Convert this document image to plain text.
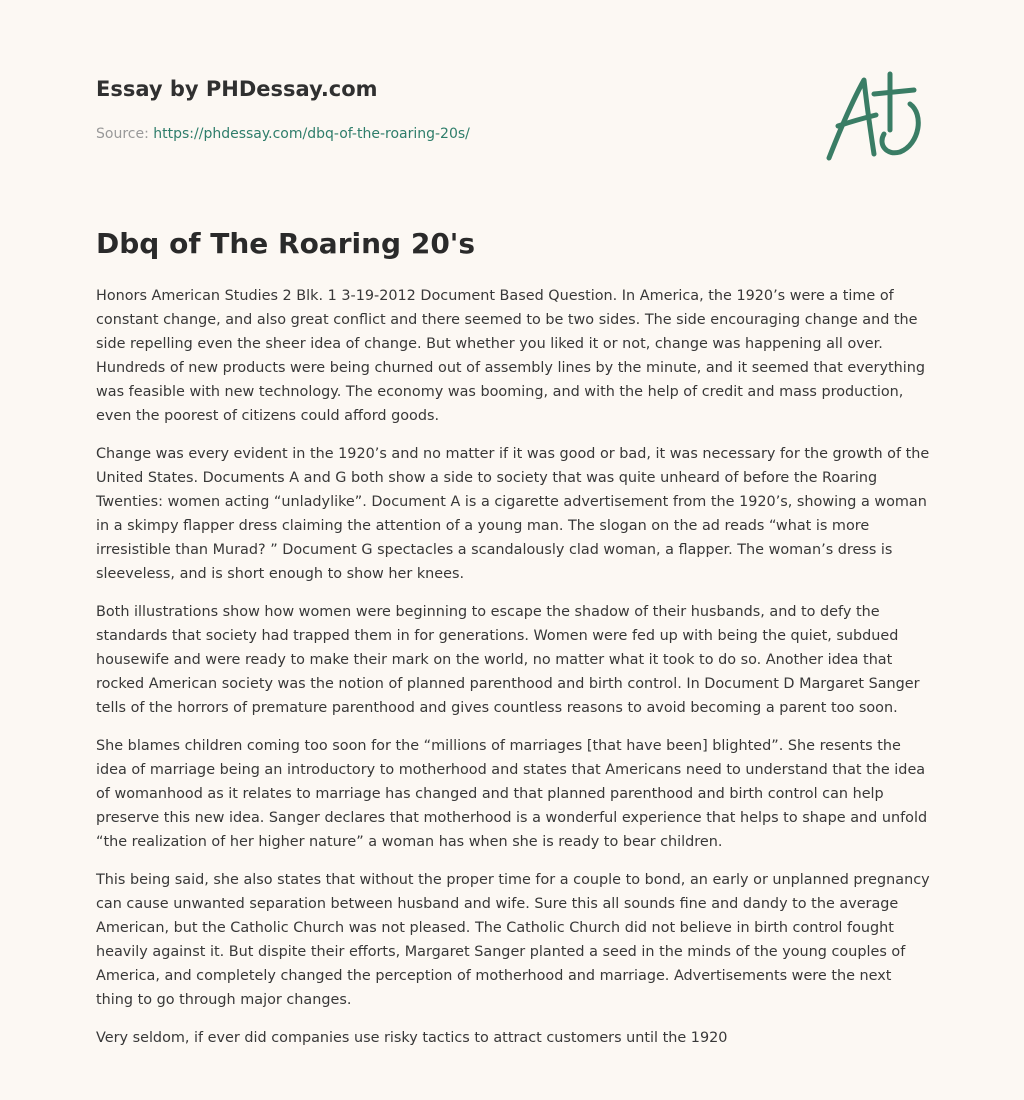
Essay by PHDessay.com
Source: https://phdessay.com/dbq-of-the-roaring-20s/
Dbq of The Roaring 20's

Honors American Studies 2 Blk. 1 3-19-2012 Document Based Question. In America, the 1920’s were a time of constant change, and also great conflict and there seemed to be two sides. The side encouraging change and the side repelling even the sheer idea of change. But whether you liked it or not, change was happening all over. Hundreds of new products were being churned out of assembly lines by the minute, and it seemed that everything was feasible with new technology. The economy was booming, and with the help of credit and mass production, even the poorest of citizens could afford goods.

Change was every evident in the 1920’s and no matter if it was good or bad, it was necessary for the growth of the United States. Documents A and G both show a side to society that was quite unheard of before the Roaring Twenties: women acting “unladylike”. Document A is a cigarette advertisement from the 1920’s, showing a woman in a skimpy flapper dress claiming the attention of a young man. The slogan on the ad reads “what is more irresistible than Murad? ” Document G spectacles a scandalously clad woman, a flapper. The woman’s dress is sleeveless, and is short enough to show her knees.

Both illustrations show how women were beginning to escape the shadow of their husbands, and to defy the standards that society had trapped them in for generations. Women were fed up with being the quiet, subdued housewife and were ready to make their mark on the world, no matter what it took to do so. Another idea that rocked American society was the notion of planned parenthood and birth control. In Document D Margaret Sanger tells of the horrors of premature parenthood and gives countless reasons to avoid becoming a parent too soon.

She blames children coming too soon for the “millions of marriages [that have been] blighted”. She resents the idea of marriage being an introductory to motherhood and states that Americans need to understand that the idea of womanhood as it relates to marriage has changed and that planned parenthood and birth control can help preserve this new idea. Sanger declares that motherhood is a wonderful experience that helps to shape and unfold “the realization of her higher nature” a woman has when she is ready to bear children.

This being said, she also states that without the proper time for a couple to bond, an early or unplanned pregnancy can cause unwanted separation between husband and wife. Sure this all sounds fine and dandy to the average American, but the Catholic Church was not pleased. The Catholic Church did not believe in birth control fought heavily against it. But dispite their efforts, Margaret Sanger planted a seed in the minds of the young couples of America, and completely changed the perception of motherhood and marriage. Advertisements were the next thing to go through major changes.

Very seldom, if ever did companies use risky tactics to attract customers until the 1920
